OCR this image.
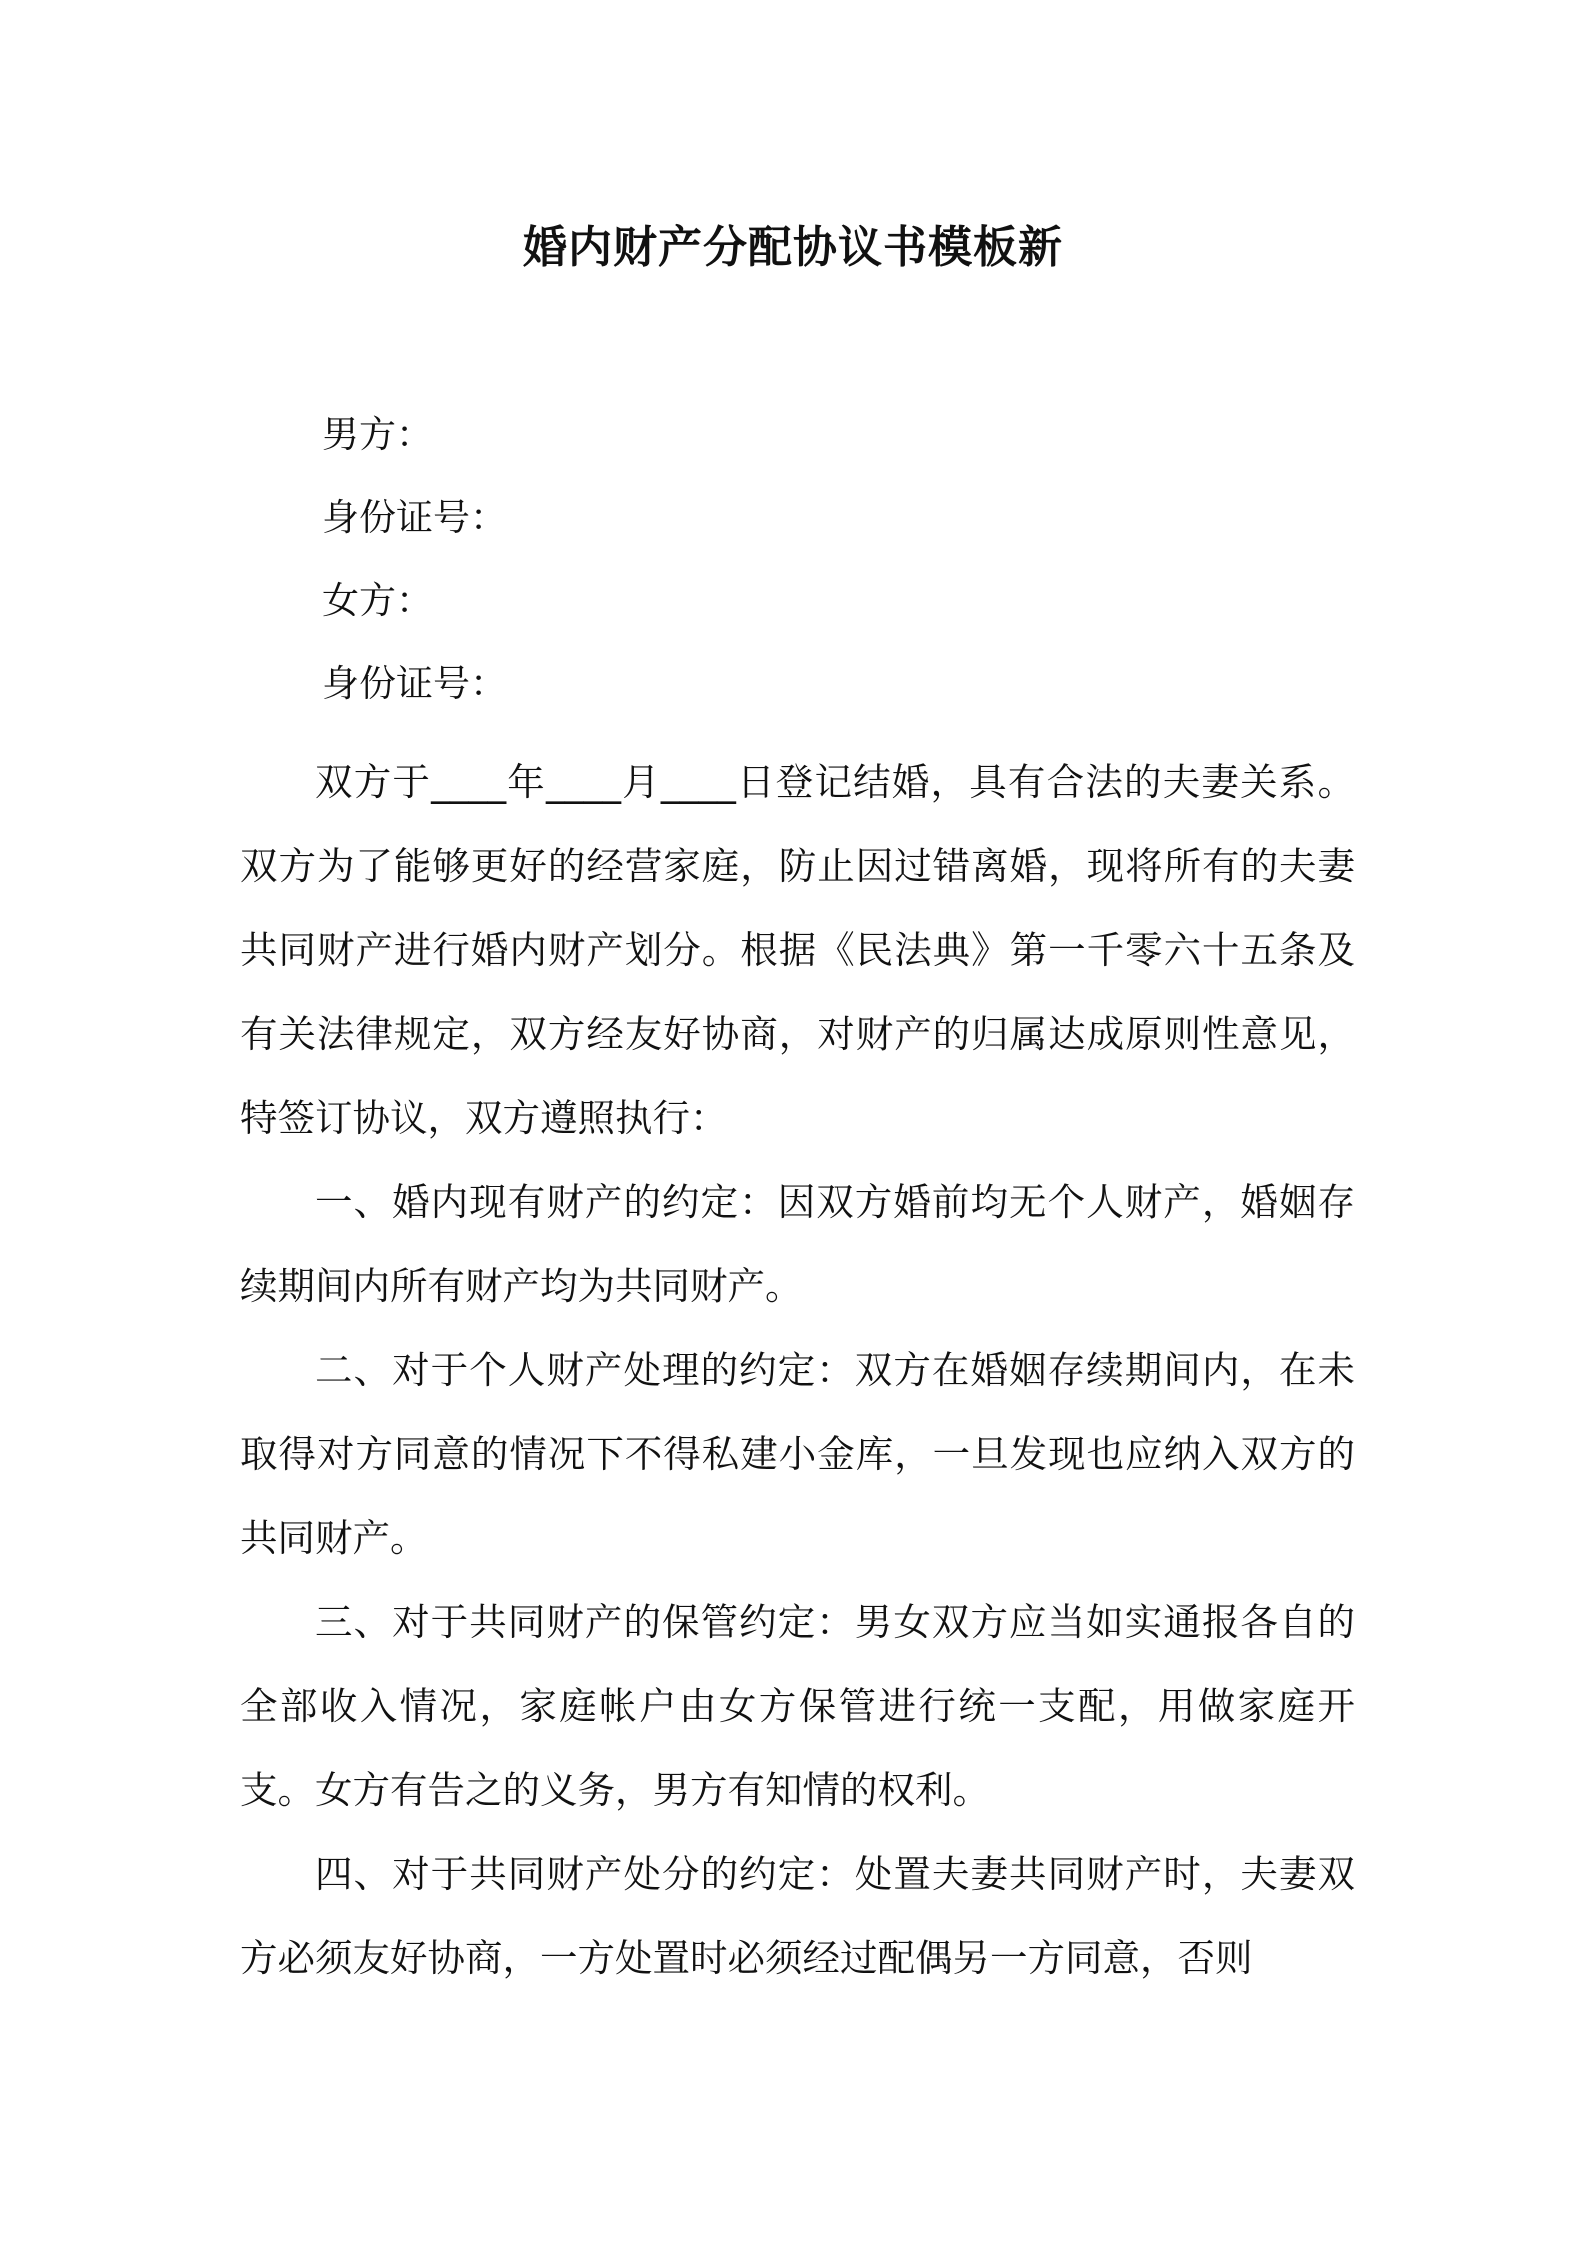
婚内财产分配协议书模板新
男方：
身份证号：
女方：
身份证号：

双方于____年____月____日登记结婚，具有合法的夫妻关系。双方为了能够更好的经营家庭，防止因过错离婚，现将所有的夫妻共同财产进行婚内财产划分。根据《民法典》第一千零六十五条及有关法律规定，双方经友好协商，对财产的归属达成原则性意见，特签订协议，双方遵照执行：

一、婚内现有财产的约定：因双方婚前均无个人财产，婚姻存续期间内所有财产均为共同财产。

二、对于个人财产处理的约定：双方在婚姻存续期间内，在未取得对方同意的情况下不得私建小金库，一旦发现也应纳入双方的共同财产。

三、对于共同财产的保管约定：男女双方应当如实通报各自的全部收入情况，家庭帐户由女方保管进行统一支配，用做家庭开支。女方有告之的义务，男方有知情的权利。

四、对于共同财产处分的约定：处置夫妻共同财产时，夫妻双方必须友好协商，一方处置时必须经过配偶另一方同意，否则
